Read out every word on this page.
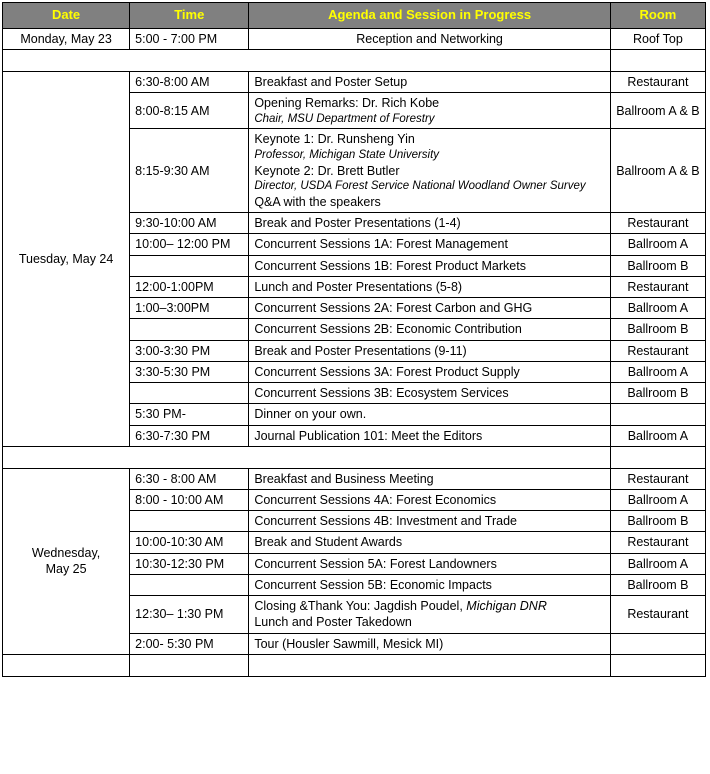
Date	Time	Agenda and Session in Progress	Room
Monday, May 23	5:00 - 7:00 PM	Reception and Networking	Roof Top
Day 1			
Tuesday, May 24	6:30-8:00 AM	Breakfast and Poster Setup	Restaurant
	8:00-8:15 AM	Opening Remarks: Dr. Rich Kobe
Chair, MSU Department of Forestry	Ballroom A & B
	8:15-9:30 AM	Keynote 1: Dr. Runsheng Yin
Professor, Michigan State University
Keynote 2: Dr. Brett Butler
Director, USDA Forest Service National Woodland Owner Survey
Q&A with the speakers	Ballroom A & B
	9:30-10:00 AM	Break and Poster Presentations (1-4)	Restaurant
	10:00– 12:00 PM	Concurrent Sessions 1A: Forest Management	Ballroom A
		Concurrent Sessions 1B: Forest Product Markets	Ballroom B
	12:00-1:00PM	Lunch and Poster Presentations (5-8)	Restaurant
	1:00–3:00PM	Concurrent Sessions 2A: Forest Carbon and GHG	Ballroom A
		Concurrent Sessions 2B: Economic Contribution	Ballroom B
	3:00-3:30 PM	Break and Poster Presentations (9-11)	Restaurant
	3:30-5:30 PM	Concurrent Sessions 3A: Forest Product Supply	Ballroom A
		Concurrent Sessions 3B: Ecosystem Services	Ballroom B
	5:30 PM-	Dinner on your own.	
	6:30-7:30 PM	Journal Publication 101: Meet the Editors	Ballroom A
Day 2			

Wednesday,
May 25	6:30 - 8:00 AM	Breakfast and Business Meeting	Restaurant
	8:00 - 10:00 AM	Concurrent Sessions 4A: Forest Economics	Ballroom A
		Concurrent Sessions 4B: Investment and Trade	Ballroom B
	10:00-10:30 AM	Break and Student Awards	Restaurant
	10:30-12:30 PM	Concurrent Session 5A: Forest Landowners	Ballroom A
		Concurrent Session 5B: Economic Impacts	Ballroom B
	12:30– 1:30 PM	Closing &Thank You: Jagdish Poudel, Michigan DNR
Lunch and Poster Takedown	Restaurant
	2:00- 5:30 PM	Tour (Housler Sawmill, Mesick MI)	
Thursday, May 26		Departure	
